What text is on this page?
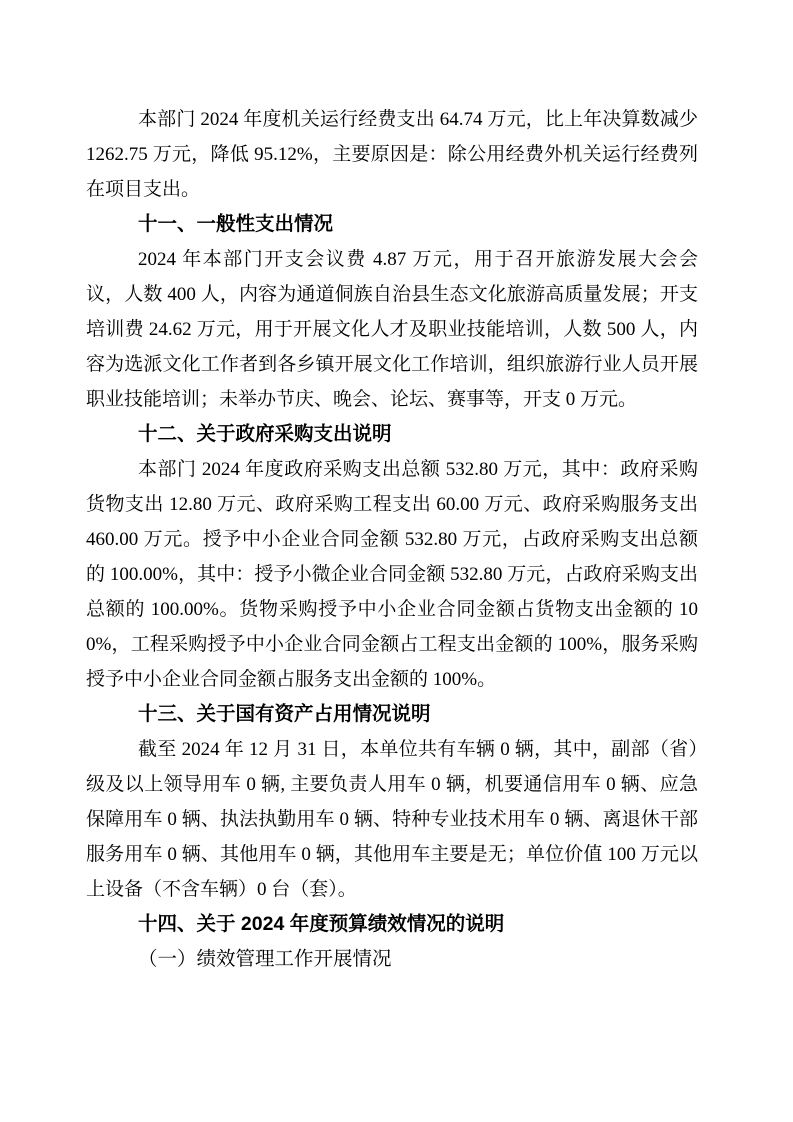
本部门 2024 年度机关运行经费支出 64.74 万元，比上年决算数减少 1262.75 万元，降低 95.12%，主要原因是：除公用经费外机关运行经费列在项目支出。

十一、一般性支出情况

2024 年本部门开支会议费 4.87 万元，用于召开旅游发展大会会议，人数 400 人，内容为通道侗族自治县生态文化旅游高质量发展；开支培训费 24.62 万元，用于开展文化人才及职业技能培训，人数 500 人，内容为选派文化工作者到各乡镇开展文化工作培训，组织旅游行业人员开展职业技能培训；未举办节庆、晚会、论坛、赛事等，开支 0 万元。

十二、关于政府采购支出说明

本部门 2024 年度政府采购支出总额 532.80 万元，其中：政府采购货物支出 12.80 万元、政府采购工程支出 60.00 万元、政府采购服务支出 460.00 万元。授予中小企业合同金额 532.80 万元，占政府采购支出总额的 100.00%，其中：授予小微企业合同金额 532.80 万元，占政府采购支出总额的 100.00%。货物采购授予中小企业合同金额占货物支出金额的 100%，工程采购授予中小企业合同金额占工程支出金额的 100%，服务采购授予中小企业合同金额占服务支出金额的 100%。

十三、关于国有资产占用情况说明

截至 2024 年 12 月 31 日，本单位共有车辆 0 辆，其中，副部（省）级及以上领导用车 0 辆, 主要负责人用车 0 辆，机要通信用车 0 辆、应急保障用车 0 辆、执法执勤用车 0 辆、特种专业技术用车 0 辆、离退休干部服务用车 0 辆、其他用车 0 辆，其他用车主要是无；单位价值 100 万元以上设备（不含车辆）0 台（套）。

十四、关于 2024 年度预算绩效情况的说明
（一）绩效管理工作开展情况
